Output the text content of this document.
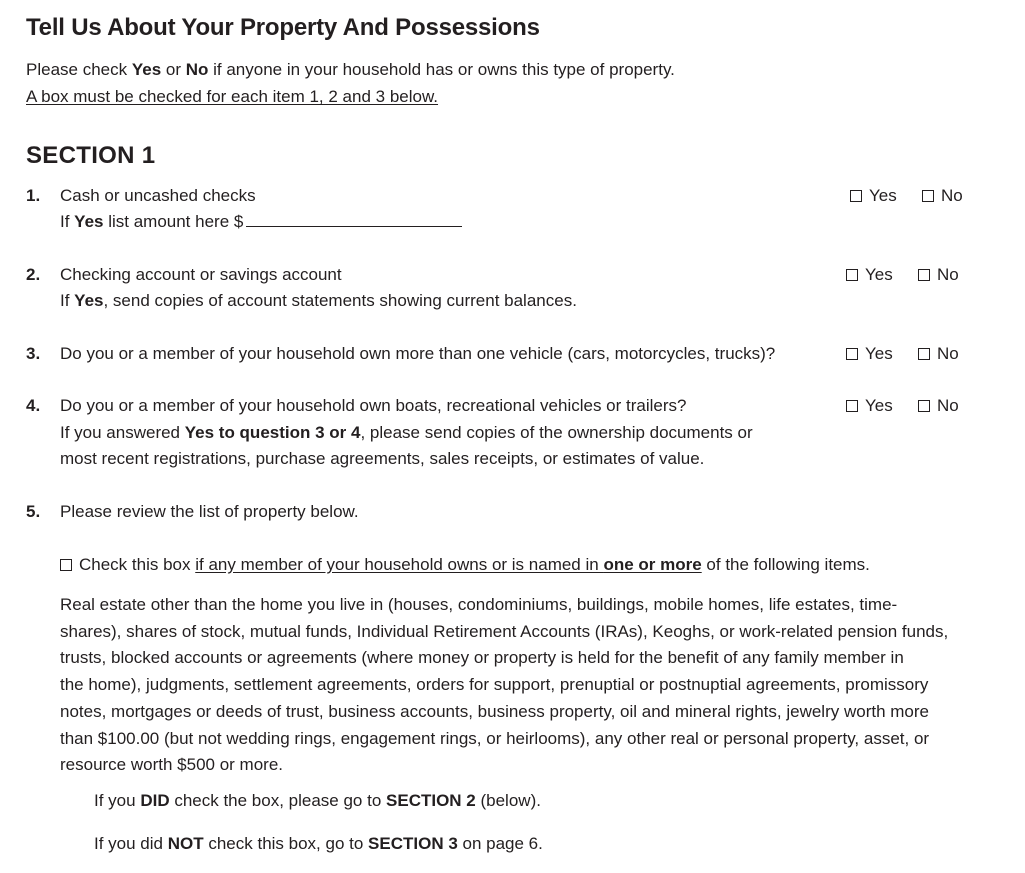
Tell Us About Your Property And Possessions
Please check Yes or No if anyone in your household has or owns this type of property.
A box must be checked for each item 1, 2 and 3 below.
SECTION 1
1. Cash or uncashed checks
If Yes list amount here $
Yes	No
2. Checking account or savings account
If Yes, send copies of account statements showing current balances.
Yes	No
3. Do you or a member of your household own more than one vehicle (cars, motorcycles, trucks)?	Yes	No
4. Do you or a member of your household own boats, recreational vehicles or trailers?
If you answered Yes to question 3 or 4, please send copies of the ownership documents or
most recent registrations, purchase agreements, sales receipts, or estimates of value.
Yes	No
5. Please review the list of property below.
Check this box if any member of your household owns or is named in one or more of the following items.
Real estate other than the home you live in (houses, condominiums, buildings, mobile homes, life estates, time-
shares), shares of stock, mutual funds, Individual Retirement Accounts (IRAs), Keoghs, or work-related pension funds,
trusts, blocked accounts or agreements (where money or property is held for the benefit of any family member in
the home), judgments, settlement agreements, orders for support, prenuptial or postnuptial agreements, promissory
notes, mortgages or deeds of trust, business accounts, business property, oil and mineral rights, jewelry worth more
than $100.00 (but not wedding rings, engagement rings, or heirlooms), any other real or personal property, asset, or
resource worth $500 or more.
If you DID check the box, please go to SECTION 2 (below).
If you did NOT check this box, go to SECTION 3 on page 6.
